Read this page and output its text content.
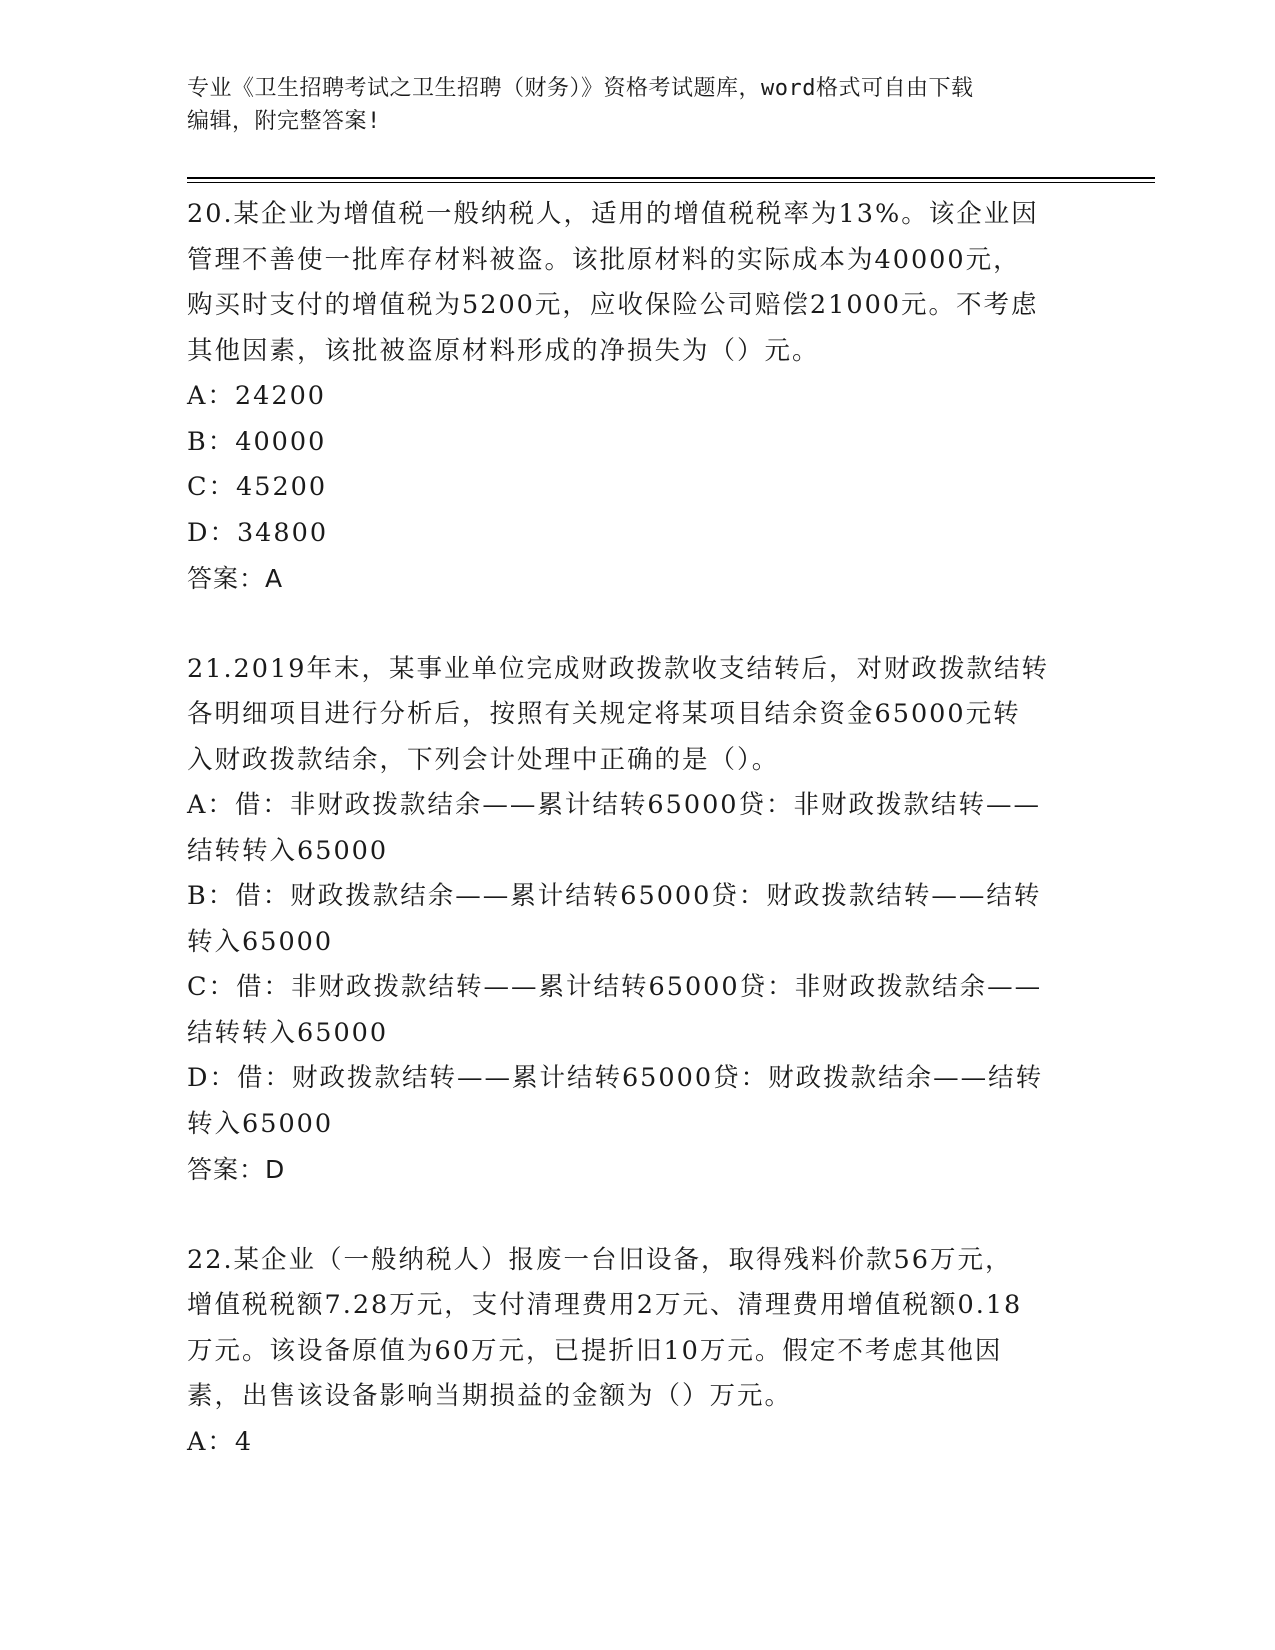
专业《卫生招聘考试之卫生招聘（财务）》资格考试题库，word格式可自由下载
编辑，附完整答案!
20.某企业为增值税一般纳税人，适用的增值税税率为13%。该企业因
管理不善使一批库存材料被盗。该批原材料的实际成本为40000元，
购买时支付的增值税为5200元，应收保险公司赔偿21000元。不考虑
其他因素，该批被盗原材料形成的净损失为（）元。
A：24200
B：40000
C：45200
D：34800
答案：A
21.2019年末，某事业单位完成财政拨款收支结转后，对财政拨款结转
各明细项目进行分析后，按照有关规定将某项目结余资金65000元转
入财政拨款结余，下列会计处理中正确的是（）。
A：借：非财政拨款结余——累计结转65000贷：非财政拨款结转——
结转转入65000
B：借：财政拨款结余——累计结转65000贷：财政拨款结转——结转
转入65000
C：借：非财政拨款结转——累计结转65000贷：非财政拨款结余——
结转转入65000
D：借：财政拨款结转——累计结转65000贷：财政拨款结余——结转
转入65000
答案：D
22.某企业（一般纳税人）报废一台旧设备，取得残料价款56万元，
增值税税额7.28万元，支付清理费用2万元、清理费用增值税额0.18
万元。该设备原值为60万元，已提折旧10万元。假定不考虑其他因
素，出售该设备影响当期损益的金额为（）万元。
A：4
